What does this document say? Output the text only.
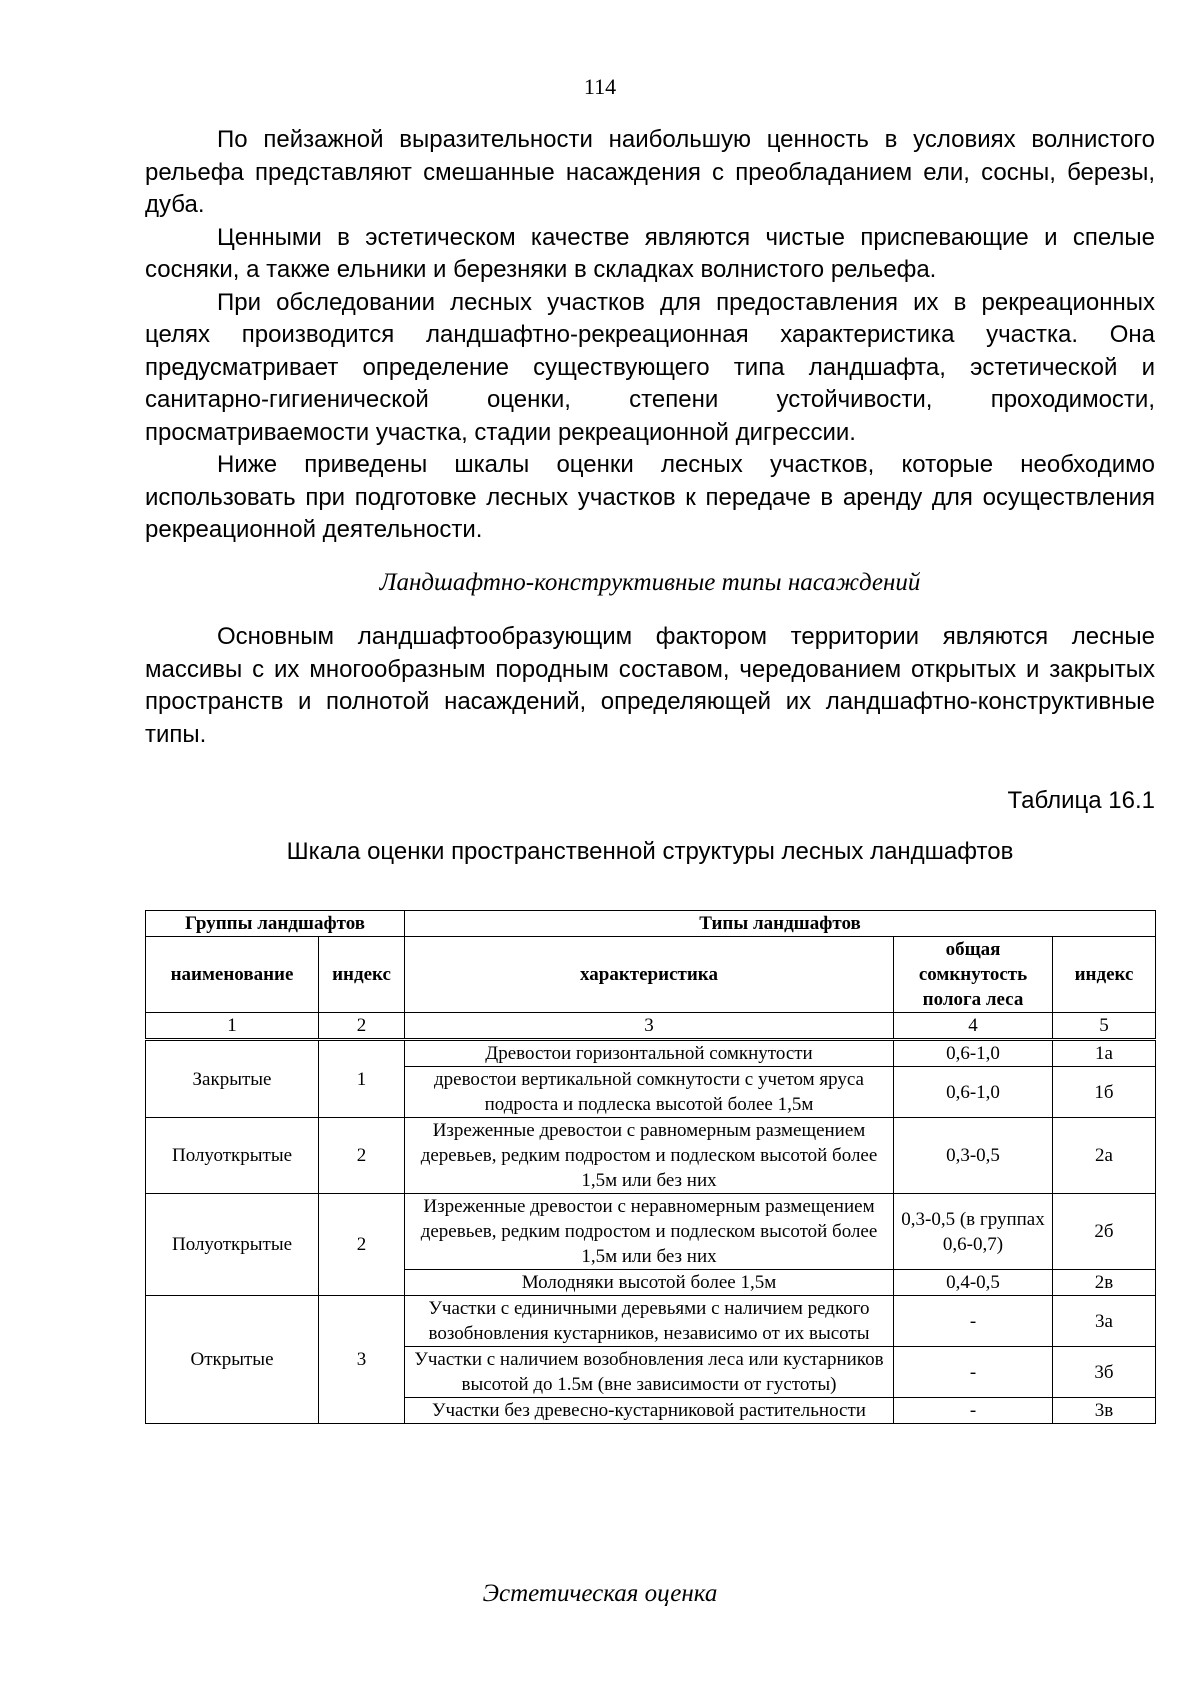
114

По пейзажной выразительности наибольшую ценность в условиях волнистого рельефа представляют смешанные насаждения с преобладанием ели, сосны, березы, дуба.

Ценными в эстетическом качестве являются чистые приспевающие и спелые сосняки, а также ельники и березняки в складках волнистого рельефа.

При обследовании лесных участков для предоставления их в рекреационных целях производится ландшафтно-рекреационная характеристика участка. Она предусматривает определение существующего типа ландшафта, эстетической и санитарно-гигиенической оценки, степени устойчивости, проходимости, просматриваемости участка, стадии рекреационной дигрессии.

Ниже приведены шкалы оценки лесных участков, которые необходимо использовать при подготовке лесных участков к передаче в аренду для осуществления рекреационной деятельности.

Ландшафтно-конструктивные типы насаждений

Основным ландшафтообразующим фактором территории являются лесные массивы с их многообразным породным составом, чередованием открытых и закрытых пространств и полнотой насаждений, определяющей их ландшафтно-конструктивные типы.

Таблица 16.1

Шкала оценки пространственной структуры лесных ландшафтов

Группы ландшафтов		Типы ландшафтов		
наименование	индекс	характеристика	общая сомкнутость полога леса	индекс
1	2	3	4	5
Закрытые	1	Древостои горизонтальной сомкнутости	0,6-1,0	1а
		древостои вертикальной сомкнутости с учетом яруса подроста и подлеска высотой более 1,5м	0,6-1,0	1б
Полуоткрытые	2	Изреженные древостои с равномерным размещением деревьев, редким подростом и подлеском высотой более 1,5м или без них	0,3-0,5	2а
Полуоткрытые	2	Изреженные древостои с неравномерным размещением деревьев, редким подростом и подлеском высотой более 1,5м или без них	0,3-0,5 (в группах 0,6-0,7)	2б
		Молодняки высотой более 1,5м	0,4-0,5	2в
Открытые	3	Участки с единичными деревьями с наличием редкого возобновления кустарников, независимо от их высоты	-	3а
		Участки с наличием возобновления леса или кустарников высотой до 1.5м (вне зависимости от густоты)	-	3б
		Участки без древесно-кустарниковой растительности	-	3в
Эстетическая оценка
